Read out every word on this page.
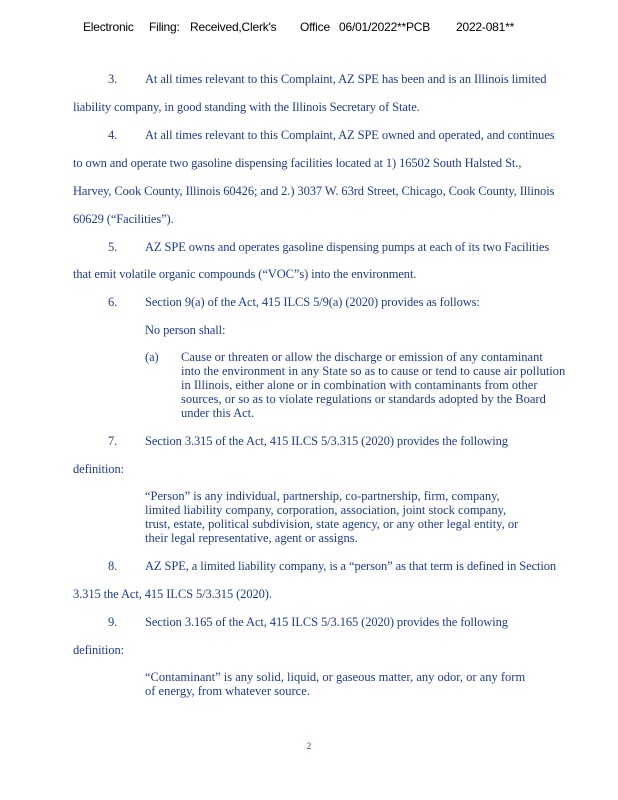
Electronic Filing: Received,Clerk's Office 06/01/2022**PCB 2022-081**
3. At all times relevant to this Complaint, AZ SPE has been and is an Illinois limited
liability company, in good standing with the Illinois Secretary of State.
4. At all times relevant to this Complaint, AZ SPE owned and operated, and continues
to own and operate two gasoline dispensing facilities located at 1) 16502 South Halsted St.,
Harvey, Cook County, Illinois 60426; and 2.) 3037 W. 63rd Street, Chicago, Cook County, Illinois
60629 (“Facilities”).
5. AZ SPE owns and operates gasoline dispensing pumps at each of its two Facilities
that emit volatile organic compounds (“VOC”s) into the environment.
6. Section 9(a) of the Act, 415 ILCS 5/9(a) (2020) provides as follows:
No person shall:
(a) Cause or threaten or allow the discharge or emission of any contaminant
into the environment in any State so as to cause or tend to cause air pollution
in Illinois, either alone or in combination with contaminants from other
sources, or so as to violate regulations or standards adopted by the Board
under this Act.
7. Section 3.315 of the Act, 415 ILCS 5/3.315 (2020) provides the following
definition:
“Person” is any individual, partnership, co-partnership, firm, company,
limited liability company, corporation, association, joint stock company,
trust, estate, political subdivision, state agency, or any other legal entity, or
their legal representative, agent or assigns.
8. AZ SPE, a limited liability company, is a “person” as that term is defined in Section
3.315 the Act, 415 ILCS 5/3.315 (2020).
9. Section 3.165 of the Act, 415 ILCS 5/3.165 (2020) provides the following
definition:
“Contaminant” is any solid, liquid, or gaseous matter, any odor, or any form
of energy, from whatever source.
2
